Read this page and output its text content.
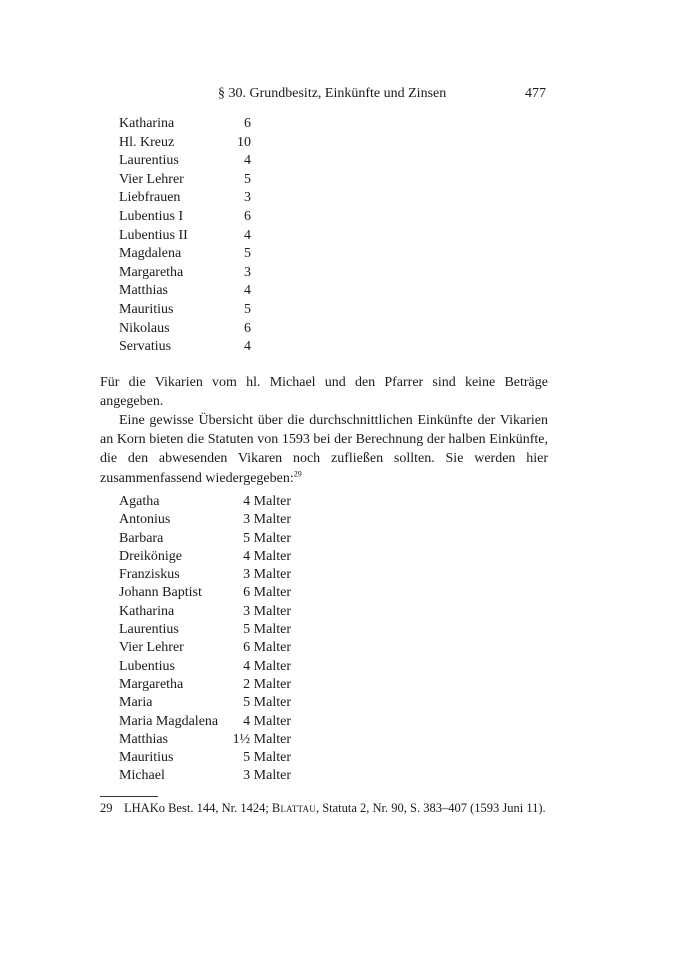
§ 30. Grundbesitz, Einkünfte und Zinsen	477
Katharina	6
Hl. Kreuz	10
Laurentius	4
Vier Lehrer	5
Liebfrauen	3
Lubentius I	6
Lubentius II	4
Magdalena	5
Margaretha	3
Matthias	4
Mauritius	5
Nikolaus	6
Servatius	4
Für die Vikarien vom hl. Michael und den Pfarrer sind keine Beträge angegeben.
Eine gewisse Übersicht über die durchschnittlichen Einkünfte der Vikarien an Korn bieten die Statuten von 1593 bei der Berechnung der halben Einkünfte, die den abwesenden Vikaren noch zufließen sollten. Sie werden hier zusammenfassend wiedergegeben:$^{29}$
Agatha	4 Malter
Antonius	3 Malter
Barbara	5 Malter
Dreikönige	4 Malter
Franziskus	3 Malter
Johann Baptist	6 Malter
Katharina	3 Malter
Laurentius	5 Malter
Vier Lehrer	6 Malter
Lubentius	4 Malter
Margaretha	2 Malter
Maria	5 Malter
Maria Magdalena 4 Malter
Matthias	1½ Malter
Mauritius	5 Malter
Michael	3 Malter
29 LHAKo Best. 144, Nr. 1424; Blattau, Statuta 2, Nr. 90, S. 383–407 (1593 Juni 11).
